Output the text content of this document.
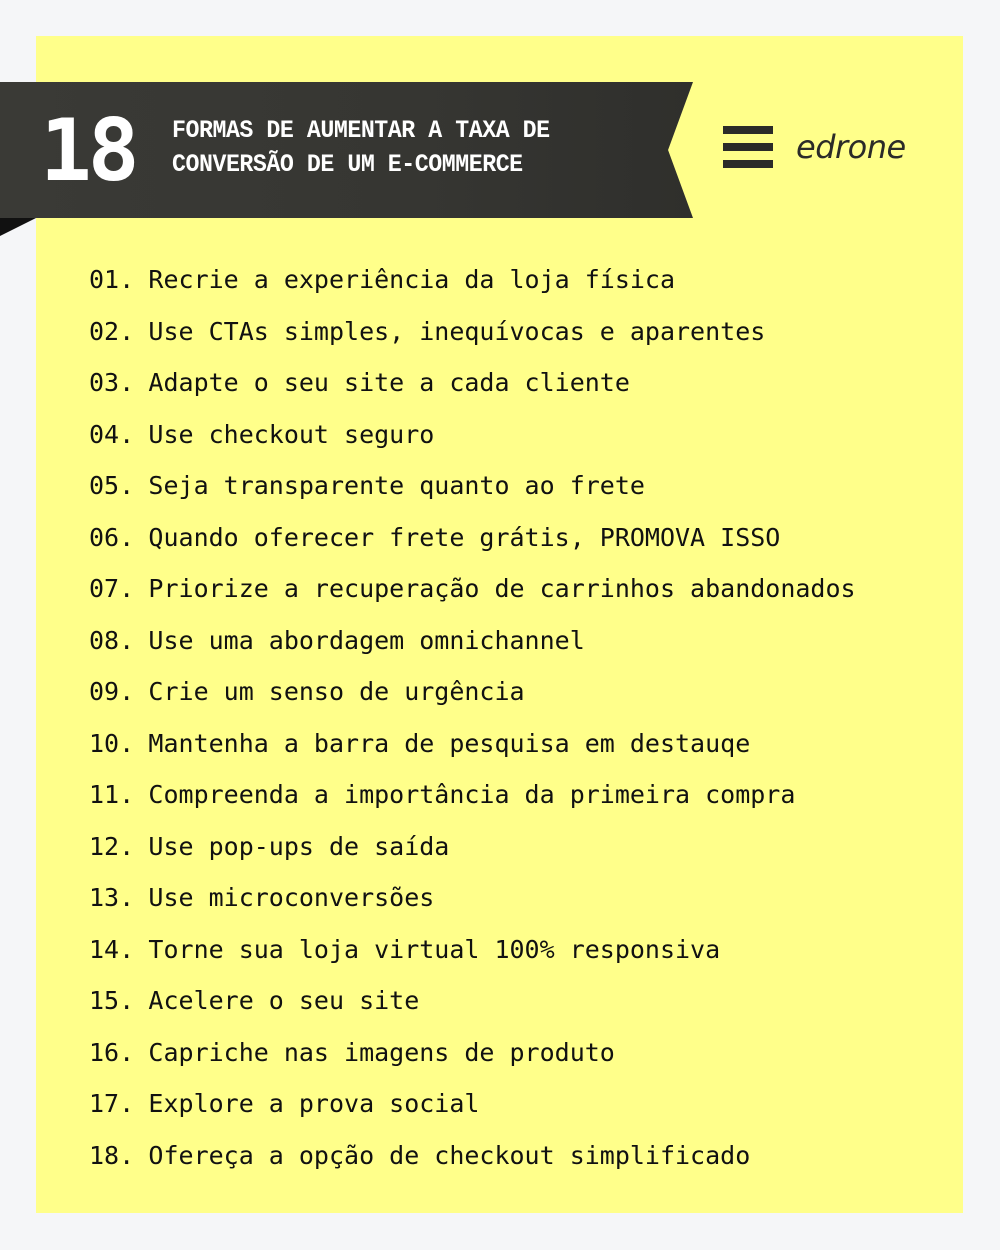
18 FORMAS DE AUMENTAR A TAXA DE
CONVERSÃO DE UM E-COMMERCE	edrone
01. Recrie a experiência da loja física
02. Use CTAs simples, inequívocas e aparentes
03. Adapte o seu site a cada cliente
04. Use checkout seguro
05. Seja transparente quanto ao frete
06. Quando oferecer frete grátis, PROMOVA ISSO
07. Priorize a recuperação de carrinhos abandonados
08. Use uma abordagem omnichannel
09. Crie um senso de urgência
10. Mantenha a barra de pesquisa em destauqe
11. Compreenda a importância da primeira compra
12. Use pop-ups de saída
13. Use microconversões
14. Torne sua loja virtual 100% responsiva
15. Acelere o seu site
16. Capriche nas imagens de produto
17. Explore a prova social
18. Ofereça a opção de checkout simplificado
